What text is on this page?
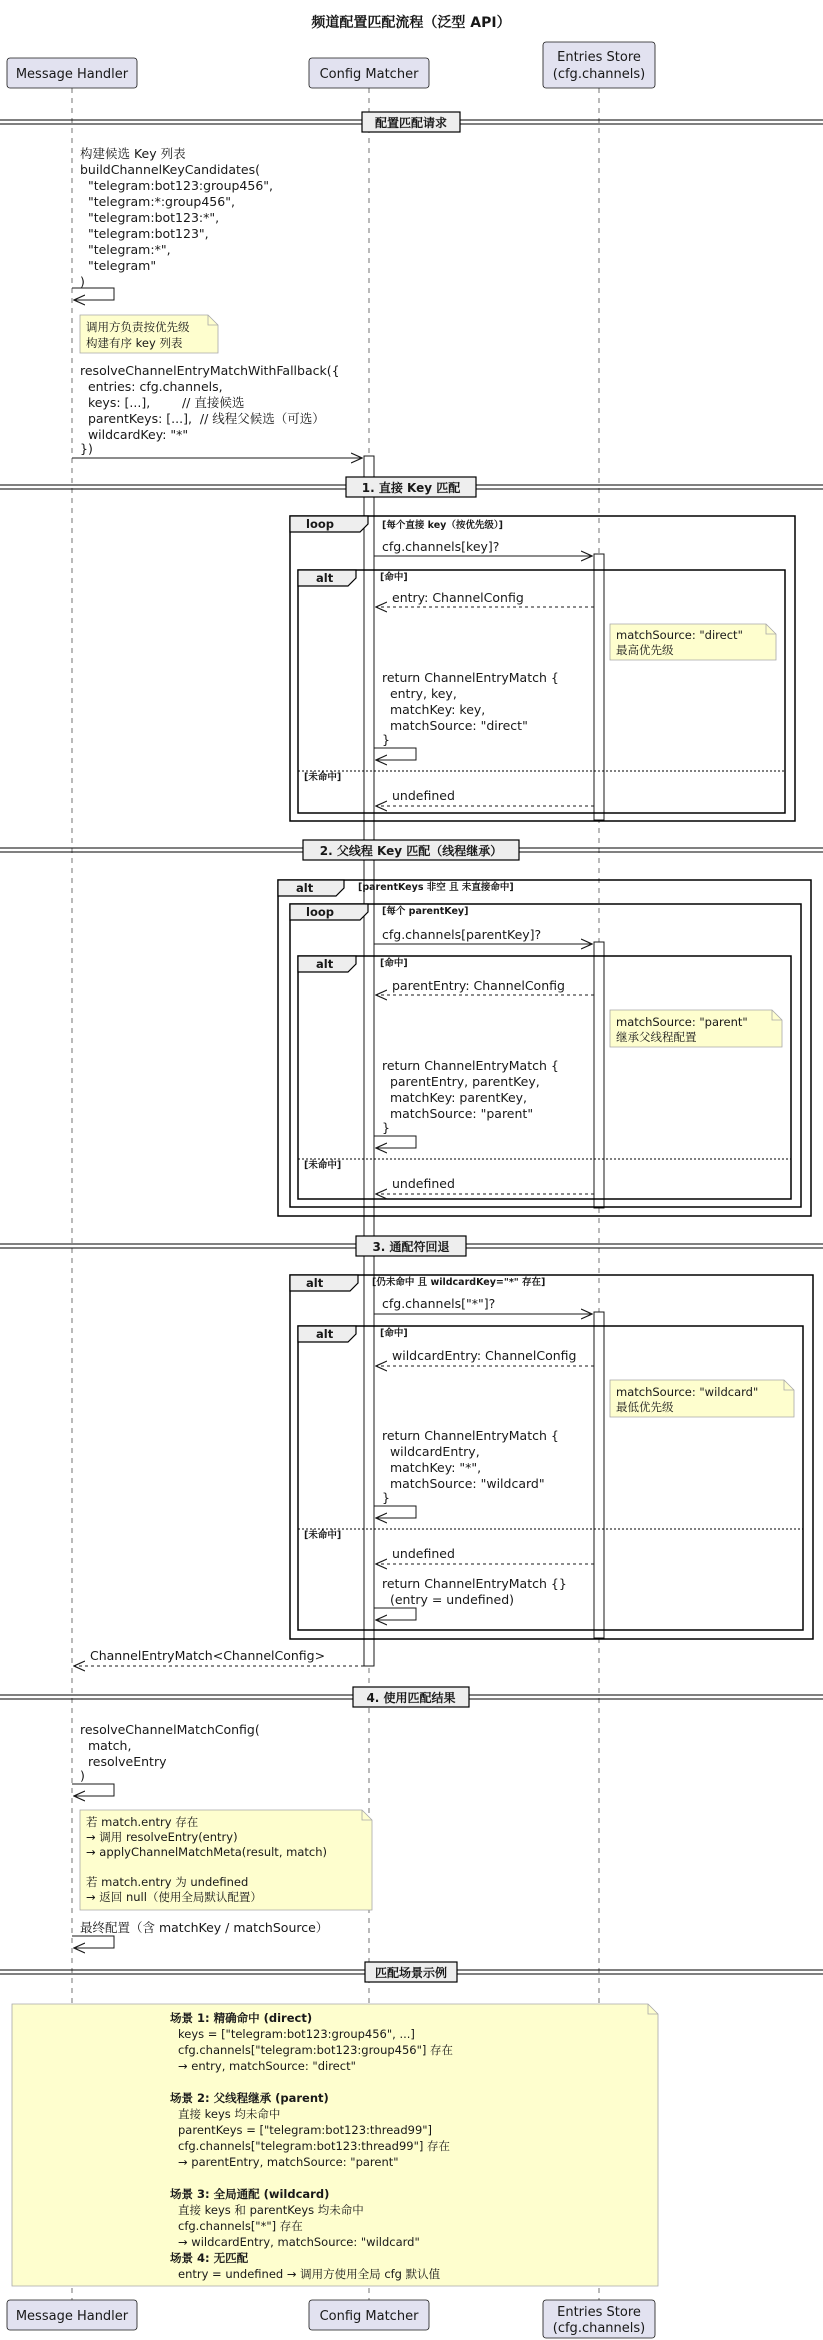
频道配置匹配流程（泛型 API）
Message Handler	Config Matcher
Entries Store
(cfg.channels)
Message Handler	Config Matcher	Entries Store
(cfg.channels)
配置匹配请求
1. 直接 Key 匹配
2. 父线程 Key 匹配（线程继承）
3. 通配符回退
4. 使用匹配结果
匹配场景示例
构建候选 Key 列表
buildChannelKeyCandidates(
"telegram:bot123:group456",
"telegram:*:group456",
"telegram:bot123:*",
"telegram:bot123",
"telegram:*",
"telegram"
)
调用方负责按优先级
构建有序 key 列表
resolveChannelEntryMatchWithFallback({
entries: cfg.channels,
keys: [...],        // 直接候选
parentKeys: [...],  // 线程父候选（可选）
wildcardKey: "*"
})
loop	[每个直接 key（按优先级）]
cfg.channels[key]?
alt	[命中]
[未命中]
entry: ChannelConfig
matchSource: "direct"
最高优先级
return ChannelEntryMatch {
entry, key,
matchKey: key,
matchSource: "direct"
}
undefined
alt	[parentKeys 非空 且 未直接命中]
loop	[每个 parentKey]
cfg.channels[parentKey]?
alt	[命中]
[未命中]
parentEntry: ChannelConfig
matchSource: "parent"
继承父线程配置
return ChannelEntryMatch {
parentEntry, parentKey,
matchKey: parentKey,
matchSource: "parent"
}
undefined
alt	[仍未命中 且 wildcardKey="*" 存在]
cfg.channels["*"]?
alt	[命中]
[未命中]
wildcardEntry: ChannelConfig
matchSource: "wildcard"
最低优先级
return ChannelEntryMatch {
wildcardEntry,
matchKey: "*",
matchSource: "wildcard"
}
undefined
return ChannelEntryMatch {}
(entry = undefined)
ChannelEntryMatch<ChannelConfig>
resolveChannelMatchConfig(
match,
resolveEntry
)
若 match.entry 存在
→ 调用 resolveEntry(entry)
→ applyChannelMatchMeta(result, match)
若 match.entry 为 undefined
→ 返回 null（使用全局默认配置）
最终配置（含 matchKey / matchSource）
场景 1: 精确命中 (direct)
keys = ["telegram:bot123:group456", ...]
cfg.channels["telegram:bot123:group456"] 存在
→ entry, matchSource: "direct"
场景 2: 父线程继承 (parent)
直接 keys 均未命中
parentKeys = ["telegram:bot123:thread99"]
cfg.channels["telegram:bot123:thread99"] 存在
→ parentEntry, matchSource: "parent"
场景 3: 全局通配 (wildcard)
直接 keys 和 parentKeys 均未命中
cfg.channels["*"] 存在
→ wildcardEntry, matchSource: "wildcard"
场景 4: 无匹配
entry = undefined → 调用方使用全局 cfg 默认值
